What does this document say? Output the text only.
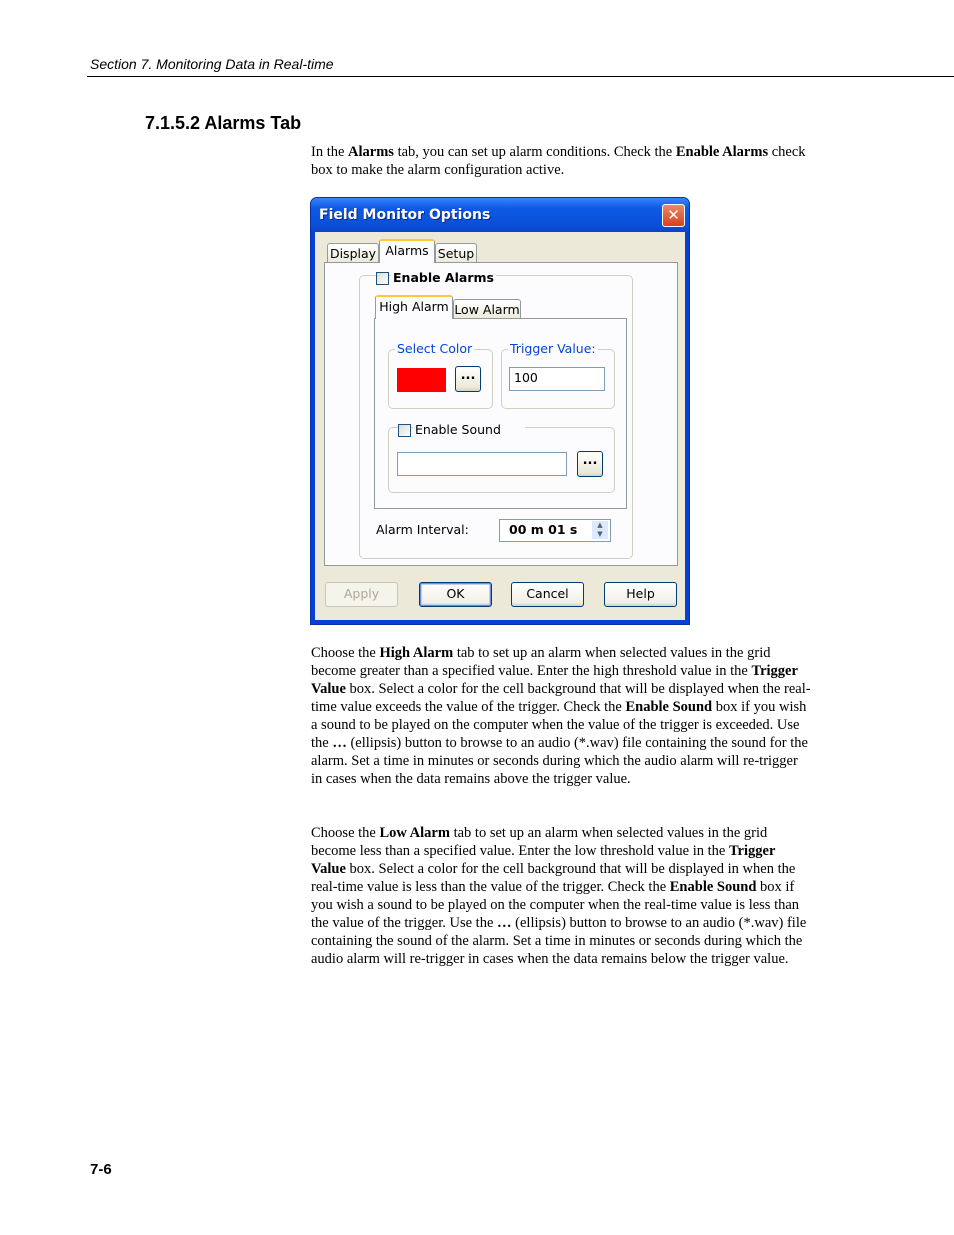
Section 7. Monitoring Data in Real-time
7.1.5.2 Alarms Tab

In the Alarms tab, you can set up alarm conditions. Check the Enable Alarms check box to make the alarm configuration active.

Field Monitor Options	✕
Display Alarms Setup
Enable Alarms
High Alarm Low Alarm
Select Color
...
Trigger Value:
100
Enable Sound
...
Alarm Interval:	00 m 01 s	▲
▼
Apply	OK	Cancel	Help

Choose the High Alarm tab to set up an alarm when selected values in the grid become greater than a specified value. Enter the high threshold value in the Trigger Value box. Select a color for the cell background that will be displayed when the real-time value exceeds the value of the trigger. Check the Enable Sound box if you wish a sound to be played on the computer when the value of the trigger is exceeded. Use the … (ellipsis) button to browse to an audio (*.wav) file containing the sound for the alarm. Set a time in minutes or seconds during which the audio alarm will re-trigger in cases when the data remains above the trigger value.

Choose the Low Alarm tab to set up an alarm when selected values in the grid become less than a specified value. Enter the low threshold value in the Trigger Value box. Select a color for the cell background that will be displayed in when the real-time value is less than the value of the trigger. Check the Enable Sound box if you wish a sound to be played on the computer when the real-time value is less than the value of the trigger. Use the … (ellipsis) button to browse to an audio (*.wav) file containing the sound of the alarm. Set a time in minutes or seconds during which the audio alarm will re-trigger in cases when the data remains below the trigger value.

7-6
